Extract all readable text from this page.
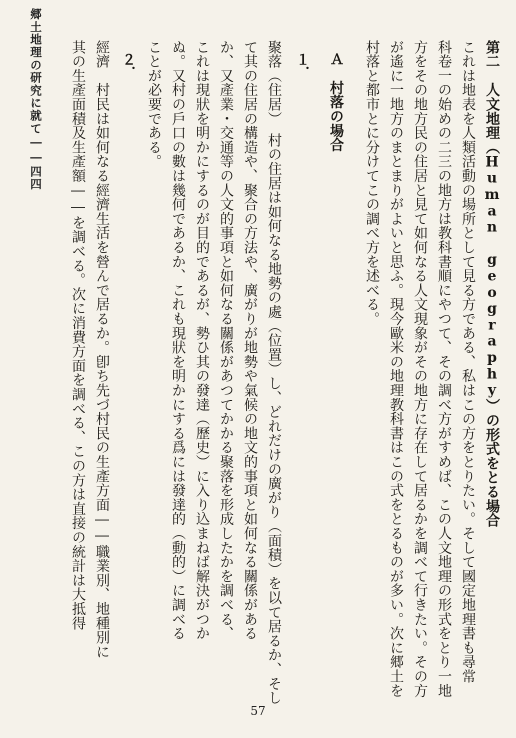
郷土地理の研究に就て――四四	第二　人文地理（Human geography）の形式をとる場合
これは地表を人類活動の場所として見る方である、私はこの方をとりたい。そして國定地理書も尋常
科卷一の始めの二三の地方は教科書順にやつて、その調べ方がすめば、この人文地理の形式をとり一地
方をその地方民の住居と見て如何なる人文現象がその地方に存在して居るかを調べて行きたい。その方
が遙に一地方のまとまりがよいと思ふ。現今歐米の地理教科書はこの式をとるものが多い。次に郷土を
村落と都市とに分けてこの調べ方を述べる。
Ａ　村落の場合
１．
聚落（住居）　村の住居は如何なる地勢の處（位置）し、どれだけの廣がり（面積）を以て居るか、そし
て其の住居の構造や、聚合の方法や、廣がりが地勢や氣候の地文的事項と如何なる關係がある
か、又產業・交通等の人文的事項と如何なる關係があつてかかる聚落を形成したかを調べる、
これは現狀を明かにするのが目的であるが、勢ひ其の發達（歷史）に入り込まねば解決がつか
ぬ。又村の戶口の數は幾何であるか、これも現狀を明かにする爲には發達的（動的）に調べる
ことが必要である。
２．
經濟　村民は如何なる經濟生活を營んで居るか。卽ち先づ村民の生產方面――職業別、地種別に
其の生產面積及生產額――を調べる。次に消費方面を調べる、この方は直接の統計は大抵得
57
